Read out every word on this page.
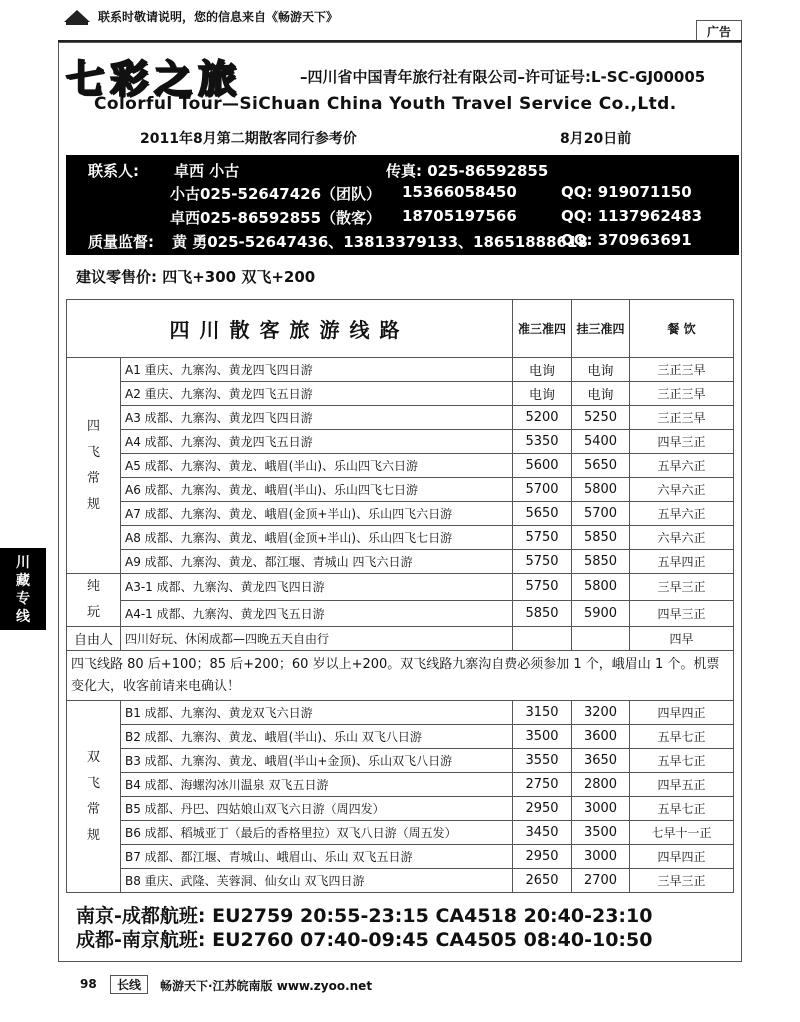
联系时敬请说明，您的信息来自《畅游天下》
广告
七彩之旅	–四川省中国青年旅行社有限公司–许可证号:L-SC-GJ00005
Colorful Tour—SiChuan China Youth Travel Service Co.,Ltd.
2011年8月第二期散客同行参考价	8月20日前
联系人: 卓西 小古	传真: 025-86592855
小古025-52647426（团队） 15366058450	QQ: 919071150
卓西025-86592855（散客） 18705197566	QQ: 1137962483
质量监督: 黄 勇025-52647436、13813379133、18651888618
QQ: 370963691
建议零售价: 四飞+300 双飞+200
四川散客旅游线路		准三准四	挂三准四	餐 饮

四
飞
常
规	A1 重庆、九寨沟、黄龙四飞四日游	电询	电询	三正三早
	A2 重庆、九寨沟、黄龙四飞五日游	电询	电询	三正三早
	A3 成都、九寨沟、黄龙四飞四日游	5200	5250	三正三早
	A4 成都、九寨沟、黄龙四飞五日游	5350	5400	四早三正
	A5 成都、九寨沟、黄龙、峨眉(半山)、乐山四飞六日游	5600	5650	五早六正
	A6 成都、九寨沟、黄龙、峨眉(半山)、乐山四飞七日游	5700	5800	六早六正
	A7 成都、九寨沟、黄龙、峨眉(金顶+半山)、乐山四飞六日游	5650	5700	五早六正
	A8 成都、九寨沟、黄龙、峨眉(金顶+半山)、乐山四飞七日游	5750	5850	六早六正
	A9 成都、九寨沟、黄龙、都江堰、青城山 四飞六日游	5750	5850	五早四正

纯
玩	A3-1 成都、九寨沟、黄龙四飞四日游	5750	5800	三早三正
	A4-1 成都、九寨沟、黄龙四飞五日游	5850	5900	四早三正
自由人	四川好玩、休闲成都—四晚五天自由行			四早
四飞线路 80 后+100；85 后+200；60 岁以上+200。双飞线路九寨沟自费必须参加 1 个，峨眉山 1 个。机票变化大，收客前请来电确认！				

双
飞
常
规	B1 成都、九寨沟、黄龙双飞六日游	3150	3200	四早四正
	B2 成都、九寨沟、黄龙、峨眉(半山)、乐山 双飞八日游	3500	3600	五早七正
	B3 成都、九寨沟、黄龙、峨眉(半山+金顶)、乐山双飞八日游	3550	3650	五早七正
	B4 成都、海螺沟冰川温泉 双飞五日游	2750	2800	四早五正
	B5 成都、丹巴、四姑娘山双飞六日游（周四发）	2950	3000	五早七正
	B6 成都、稻城亚丁（最后的香格里拉）双飞八日游（周五发）	3450	3500	七早十一正
	B7 成都、都江堰、青城山、峨眉山、乐山 双飞五日游	2950	3000	四早四正
	B8 重庆、武隆、芙蓉洞、仙女山 双飞四日游	2650	2700	三早三正
川
藏
专
线
南京-成都航班: EU2759 20:55-23:15 CA4518 20:40-23:10
成都-南京航班: EU2760 07:40-09:45 CA4505 08:40-10:50
98	长线	畅游天下·江苏皖南版 www.zyoo.net
